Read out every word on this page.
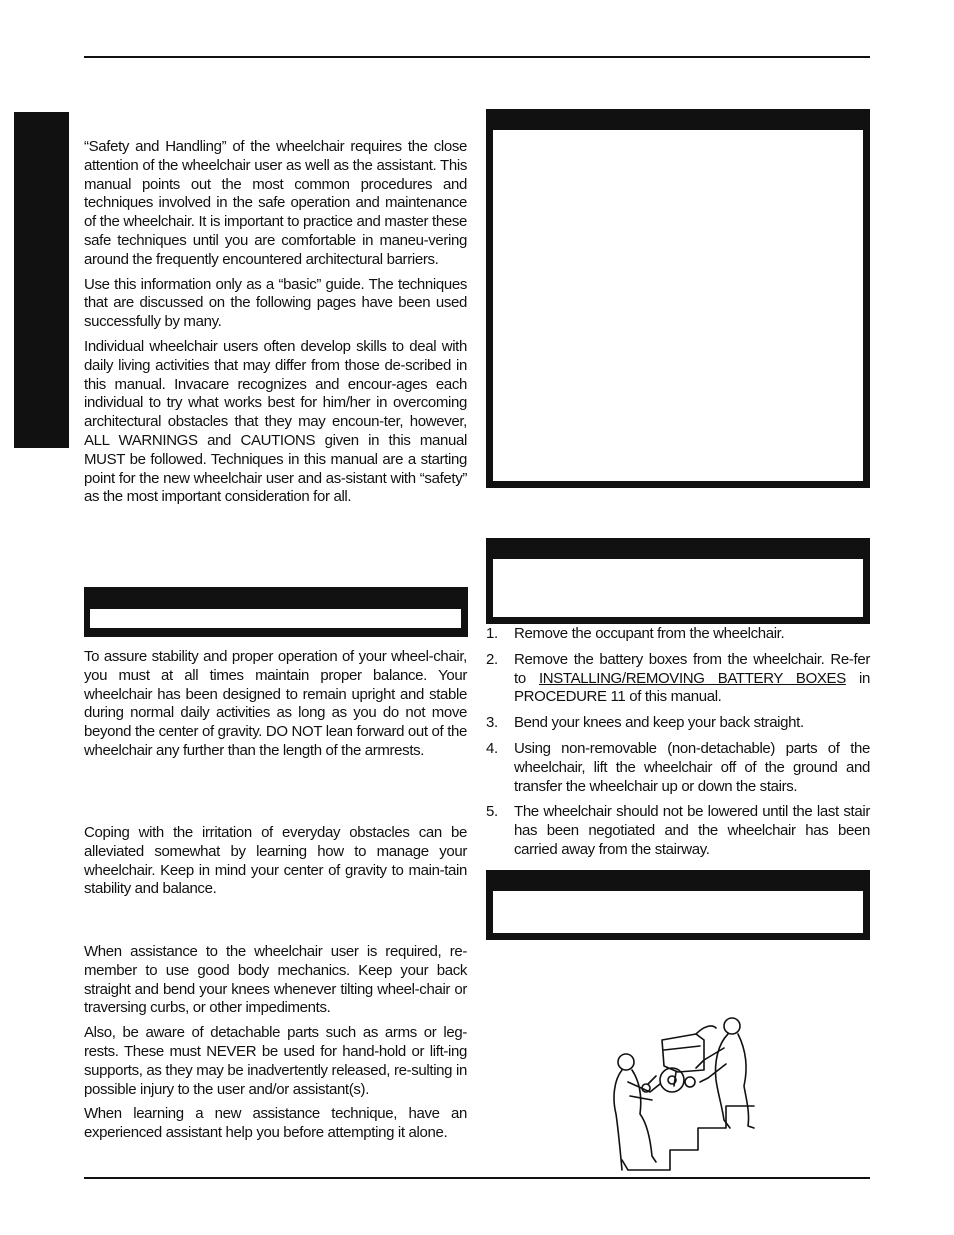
“Safety and Handling” of the wheelchair requires the close attention of the wheelchair user as well as the assistant. This manual points out the most common procedures and techniques involved in the safe operation and maintenance of the wheelchair. It is important to practice and master these safe techniques until you are comfortable in maneu-vering around the frequently encountered architectural barriers.

Use this information only as a “basic” guide. The techniques that are discussed on the following pages have been used successfully by many.

Individual wheelchair users often develop skills to deal with daily living activities that may differ from those de-scribed in this manual. Invacare recognizes and encour-ages each individual to try what works best for him/her in overcoming architectural obstacles that they may encoun-ter, however, ALL WARNINGS and CAUTIONS given in this manual MUST be followed. Techniques in this manual are a starting point for the new wheelchair user and as-sistant with “safety” as the most important consideration for all.

To assure stability and proper operation of your wheel-chair, you must at all times maintain proper balance. Your wheelchair has been designed to remain upright and stable during normal daily activities as long as you do not move beyond the center of gravity. DO NOT lean forward out of the wheelchair any further than the length of the armrests.

Coping with the irritation of everyday obstacles can be alleviated somewhat by learning how to manage your wheelchair. Keep in mind your center of gravity to main-tain stability and balance.

When assistance to the wheelchair user is required, re-member to use good body mechanics. Keep your back straight and bend your knees whenever tilting wheel-chair or traversing curbs, or other impediments.

Also, be aware of detachable parts such as arms or leg-rests. These must NEVER be used for hand-hold or lift-ing supports, as they may be inadvertently released, re-sulting in possible injury to the user and/or assistant(s).

When learning a new assistance technique, have an experienced assistant help you before attempting it alone.

1. Remove the occupant from the wheelchair.
2. Remove the battery boxes from the wheelchair. Re-fer to INSTALLING/REMOVING BATTERY BOXES in PROCEDURE 11 of this manual.
3. Bend your knees and keep your back straight.
4. Using non-removable (non-detachable) parts of the wheelchair, lift the wheelchair off of the ground and transfer the wheelchair up or down the stairs.
5. The wheelchair should not be lowered until the last stair has been negotiated and the wheelchair has been carried away from the stairway.
